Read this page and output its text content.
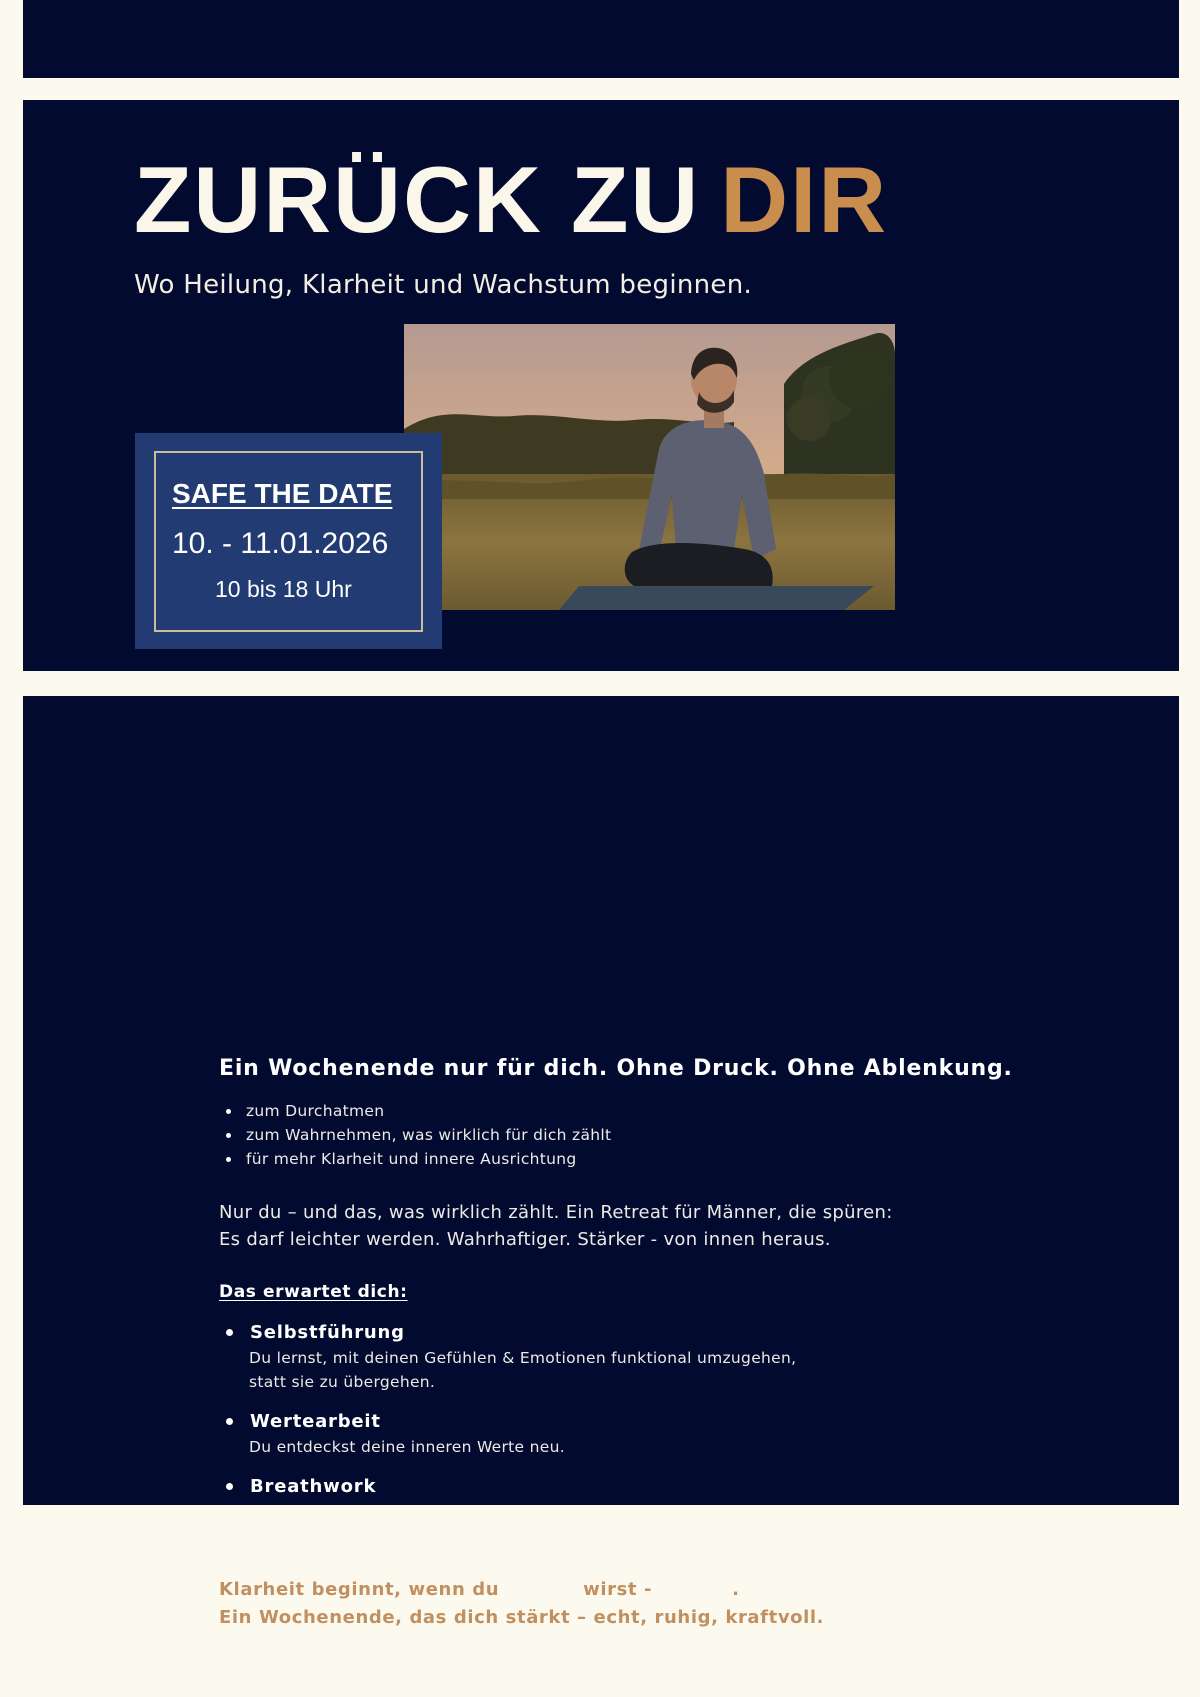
ZURÜCK ZU DIR

Wo Heilung, Klarheit und Wachstum beginnen.

SAFE THE DATE

10. - 11.01.2026

10 bis 18 Uhr

Ein Wochenende nur für dich. Ohne Druck. Ohne Ablenkung.
zum Durchatmen
zum Wahrnehmen, was wirklich für dich zählt
für mehr Klarheit und innere Ausrichtung

Nur du – und das, was wirklich zählt. Ein Retreat für Männer, die spüren:
Es darf leichter werden. Wahrhaftiger. Stärker - von innen heraus.

Das erwartet dich:

Selbstführung

Du lernst, mit deinen Gefühlen & Emotionen funktional umzugehen,
statt sie zu übergehen.

Wertearbeit

Du entdeckst deine inneren Werte neu.

Breathwork

Klarheit beginnt, wenn du	wirst -	.
Ein Wochenende, das dich stärkt – echt, ruhig, kraftvoll.
